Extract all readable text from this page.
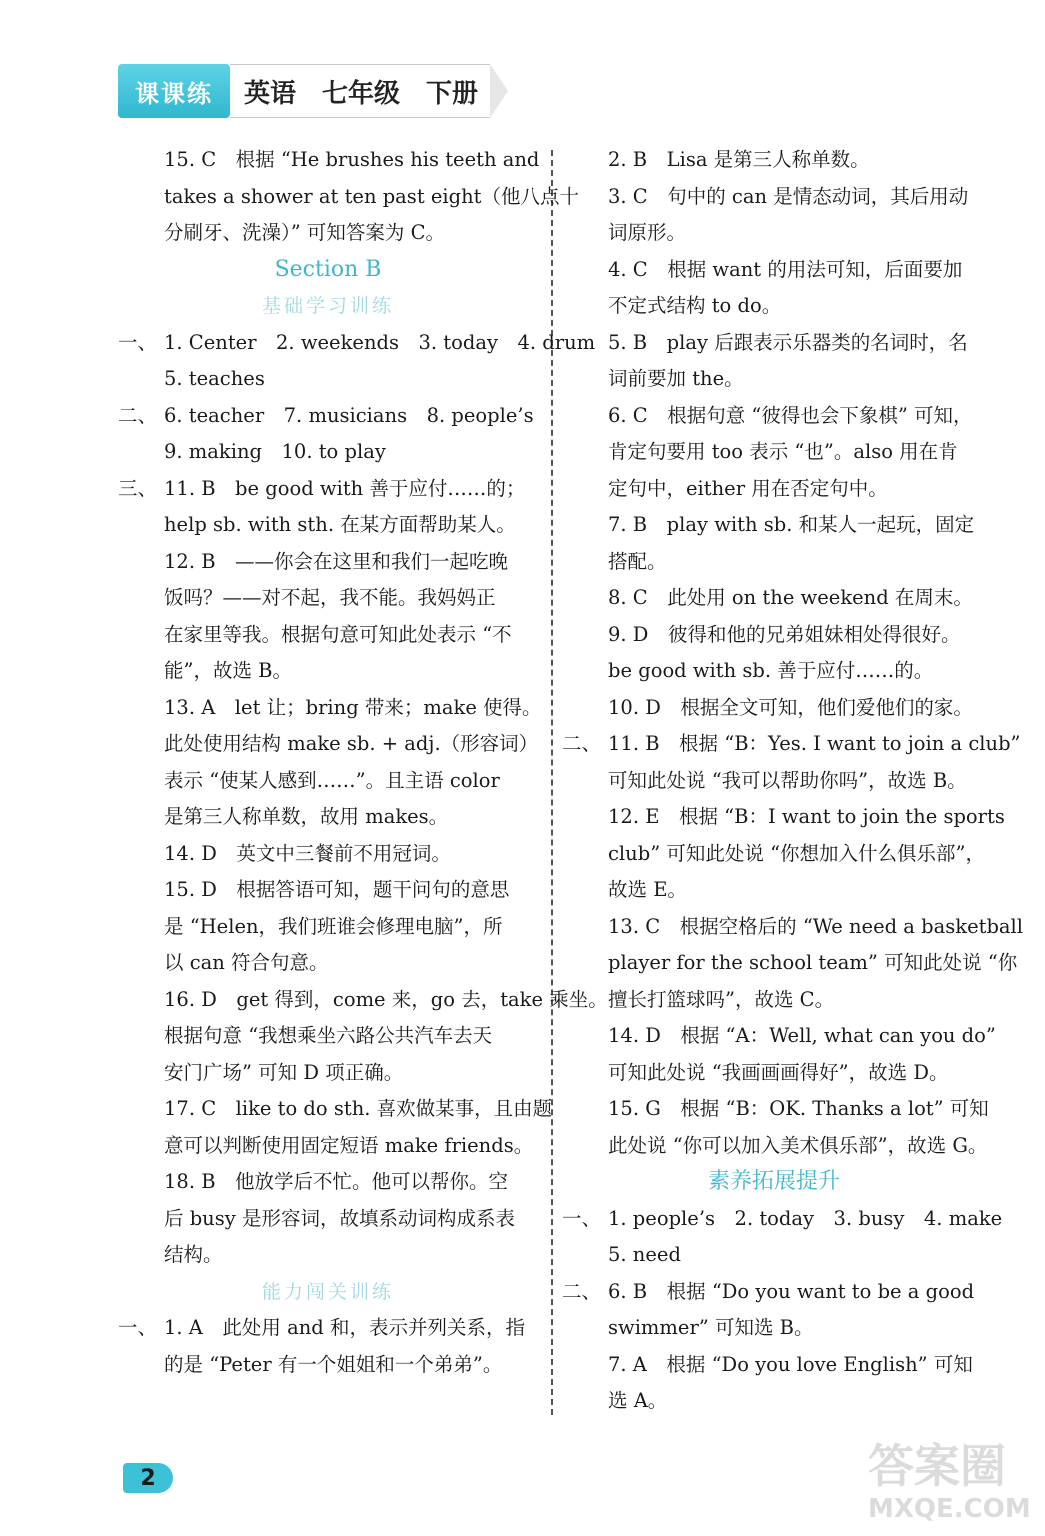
课课练 英语　七年级　下册
15. C　根据 “He brushes his teeth and
takes a shower at ten past eight（他八点十
分刷牙、洗澡）” 可知答案为 C。
Section B
基础学习训练
一、 1. Center　2. weekends　3. today　4. drum
5. teaches
二、 6. teacher　7. musicians　8. people’s
9. making　10. to play
三、 11. B　be good with 善于应付……的；
help sb. with sth. 在某方面帮助某人。
12. B　——你会在这里和我们一起吃晚
饭吗？——对不起，我不能。我妈妈正
在家里等我。根据句意可知此处表示 “不
能”，故选 B。
13. A　let 让；bring 带来；make 使得。
此处使用结构 make sb. + adj.（形容词）
表示 “使某人感到……”。且主语 color
是第三人称单数，故用 makes。
14. D　英文中三餐前不用冠词。
15. D　根据答语可知，题干问句的意思
是 “Helen，我们班谁会修理电脑”，所
以 can 符合句意。
16. D　get 得到，come 来，go 去，take 乘坐。
根据句意 “我想乘坐六路公共汽车去天
安门广场” 可知 D 项正确。
17. C　like to do sth. 喜欢做某事，且由题
意可以判断使用固定短语 make friends。
18. B　他放学后不忙。他可以帮你。空
后 busy 是形容词，故填系动词构成系表
结构。
能力闯关训练
一、 1. A　此处用 and 和，表示并列关系，指
的是 “Peter 有一个姐姐和一个弟弟”。
2. B　Lisa 是第三人称单数。
3. C　句中的 can 是情态动词，其后用动
词原形。
4. C　根据 want 的用法可知，后面要加
不定式结构 to do。
5. B　play 后跟表示乐器类的名词时，名
词前要加 the。
6. C　根据句意 “彼得也会下象棋” 可知，
肯定句要用 too 表示 “也”。also 用在肯
定句中，either 用在否定句中。
7. B　play with sb. 和某人一起玩，固定
搭配。
8. C　此处用 on the weekend 在周末。
9. D　彼得和他的兄弟姐妹相处得很好。
be good with sb. 善于应付……的。
10. D　根据全文可知，他们爱他们的家。
二、 11. B　根据 “B：Yes. I want to join a club”
可知此处说 “我可以帮助你吗”，故选 B。
12. E　根据 “B：I want to join the sports
club” 可知此处说 “你想加入什么俱乐部”，
故选 E。
13. C　根据空格后的 “We need a basketball
player for the school team” 可知此处说 “你
擅长打篮球吗”，故选 C。
14. D　根据 “A：Well, what can you do”
可知此处说 “我画画画得好”，故选 D。
15. G　根据 “B：OK. Thanks a lot” 可知
此处说 “你可以加入美术俱乐部”，故选 G。
素养拓展提升
一、 1. people’s　2. today　3. busy　4. make
5. need
二、 6. B　根据 “Do you want to be a good
swimmer” 可知选 B。
7. A　根据 “Do you love English” 可知
选 A。
2	答案圈
MXQE.COM
